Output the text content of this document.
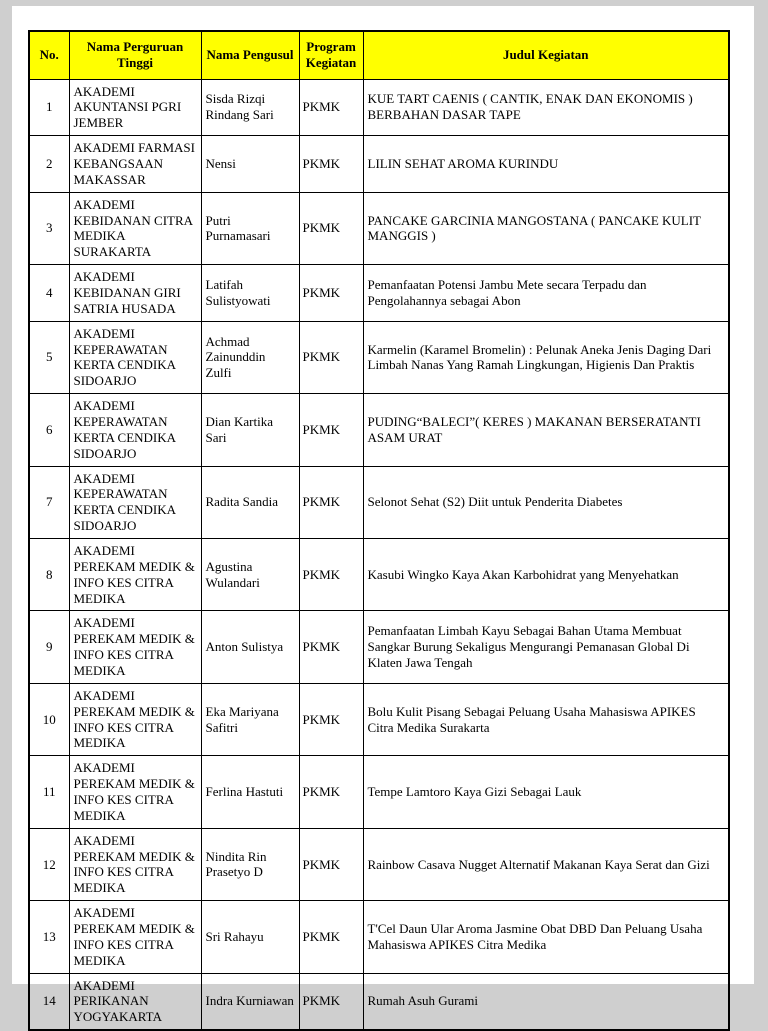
No.	Nama Perguruan Tinggi	Nama Pengusul	Program Kegiatan	Judul Kegiatan
1	AKADEMI AKUNTANSI PGRI JEMBER	Sisda Rizqi Rindang Sari	PKMK	KUE TART CAENIS ( CANTIK, ENAK DAN EKONOMIS ) BERBAHAN DASAR TAPE
2	AKADEMI FARMASI KEBANGSAAN MAKASSAR	Nensi	PKMK	LILIN SEHAT AROMA KURINDU
3	AKADEMI KEBIDANAN CITRA MEDIKA SURAKARTA	Putri Purnamasari	PKMK	PANCAKE GARCINIA MANGOSTANA ( PANCAKE KULIT MANGGIS )
4	AKADEMI KEBIDANAN GIRI SATRIA HUSADA	Latifah Sulistyowati	PKMK	Pemanfaatan Potensi Jambu Mete secara Terpadu dan Pengolahannya sebagai Abon
5	AKADEMI KEPERAWATAN KERTA CENDIKA SIDOARJO	Achmad Zainunddin Zulfi	PKMK	Karmelin (Karamel Bromelin) : Pelunak Aneka Jenis Daging Dari Limbah Nanas Yang Ramah Lingkungan, Higienis Dan Praktis
6	AKADEMI KEPERAWATAN KERTA CENDIKA SIDOARJO	Dian Kartika Sari	PKMK	PUDING“BALECI”( KERES ) MAKANAN BERSERATANTI ASAM URAT
7	AKADEMI KEPERAWATAN KERTA CENDIKA SIDOARJO	Radita Sandia	PKMK	Selonot Sehat (S2) Diit untuk Penderita Diabetes
8	AKADEMI PEREKAM MEDIK & INFO KES CITRA MEDIKA	Agustina Wulandari	PKMK	Kasubi Wingko Kaya Akan Karbohidrat yang Menyehatkan
9	AKADEMI PEREKAM MEDIK & INFO KES CITRA MEDIKA	Anton Sulistya	PKMK	Pemanfaatan Limbah Kayu Sebagai Bahan Utama Membuat Sangkar Burung Sekaligus Mengurangi Pemanasan Global Di Klaten Jawa Tengah
10	AKADEMI PEREKAM MEDIK & INFO KES CITRA MEDIKA	Eka Mariyana Safitri	PKMK	Bolu Kulit Pisang Sebagai Peluang Usaha Mahasiswa APIKES Citra Medika Surakarta
11	AKADEMI PEREKAM MEDIK & INFO KES CITRA MEDIKA	Ferlina Hastuti	PKMK	Tempe Lamtoro Kaya Gizi Sebagai Lauk
12	AKADEMI PEREKAM MEDIK & INFO KES CITRA MEDIKA	Nindita Rin Prasetyo D	PKMK	Rainbow Casava Nugget Alternatif Makanan Kaya Serat dan Gizi
13	AKADEMI PEREKAM MEDIK & INFO KES CITRA MEDIKA	Sri Rahayu	PKMK	T'Cel Daun Ular Aroma Jasmine Obat DBD Dan Peluang Usaha Mahasiswa APIKES Citra Medika
14	AKADEMI PERIKANAN YOGYAKARTA	Indra Kurniawan	PKMK	Rumah Asuh Gurami
